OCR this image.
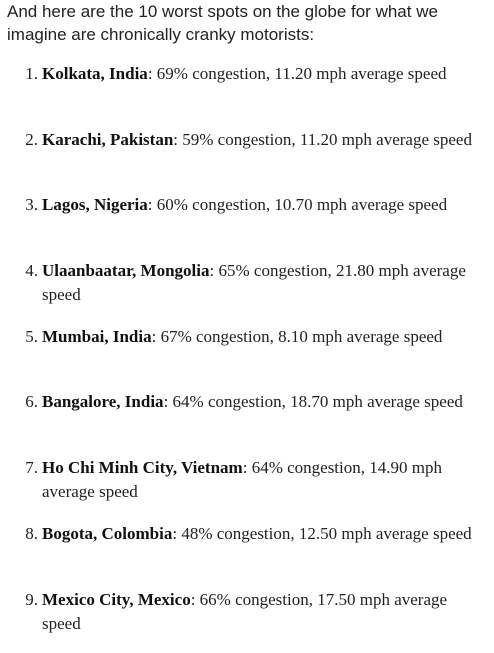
And here are the 10 worst spots on the globe for what we imagine are chronically cranky motorists:

1. Kolkata, India: 69% congestion, 11.20 mph average speed
2. Karachi, Pakistan: 59% congestion, 11.20 mph average speed
3. Lagos, Nigeria: 60% congestion, 10.70 mph average speed
4. Ulaanbaatar, Mongolia: 65% congestion, 21.80 mph average speed
5. Mumbai, India: 67% congestion, 8.10 mph average speed
6. Bangalore, India: 64% congestion, 18.70 mph average speed
7. Ho Chi Minh City, Vietnam: 64% congestion, 14.90 mph average speed
8. Bogota, Colombia: 48% congestion, 12.50 mph average speed
9. Mexico City, Mexico: 66% congestion, 17.50 mph average speed
